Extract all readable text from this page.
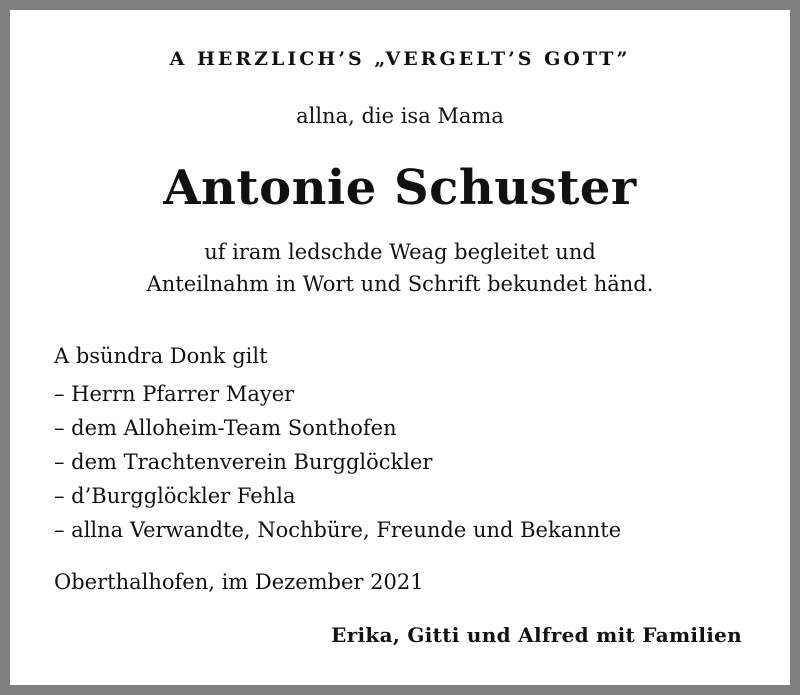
A HERZLICH’S „VERGELT’S GOTT”
allna, die isa Mama
Antonie Schuster
uf iram ledschde Weag begleitet und
Anteilnahm in Wort und Schrift bekundet händ.
A bsündra Donk gilt
– Herrn Pfarrer Mayer
– dem Alloheim-Team Sonthofen
– dem Trachtenverein Burgglöckler
– d’Burgglöckler Fehla
– allna Verwandte, Nochbüre, Freunde und Bekannte
Oberthalhofen, im Dezember 2021
Erika, Gitti und Alfred mit Familien
